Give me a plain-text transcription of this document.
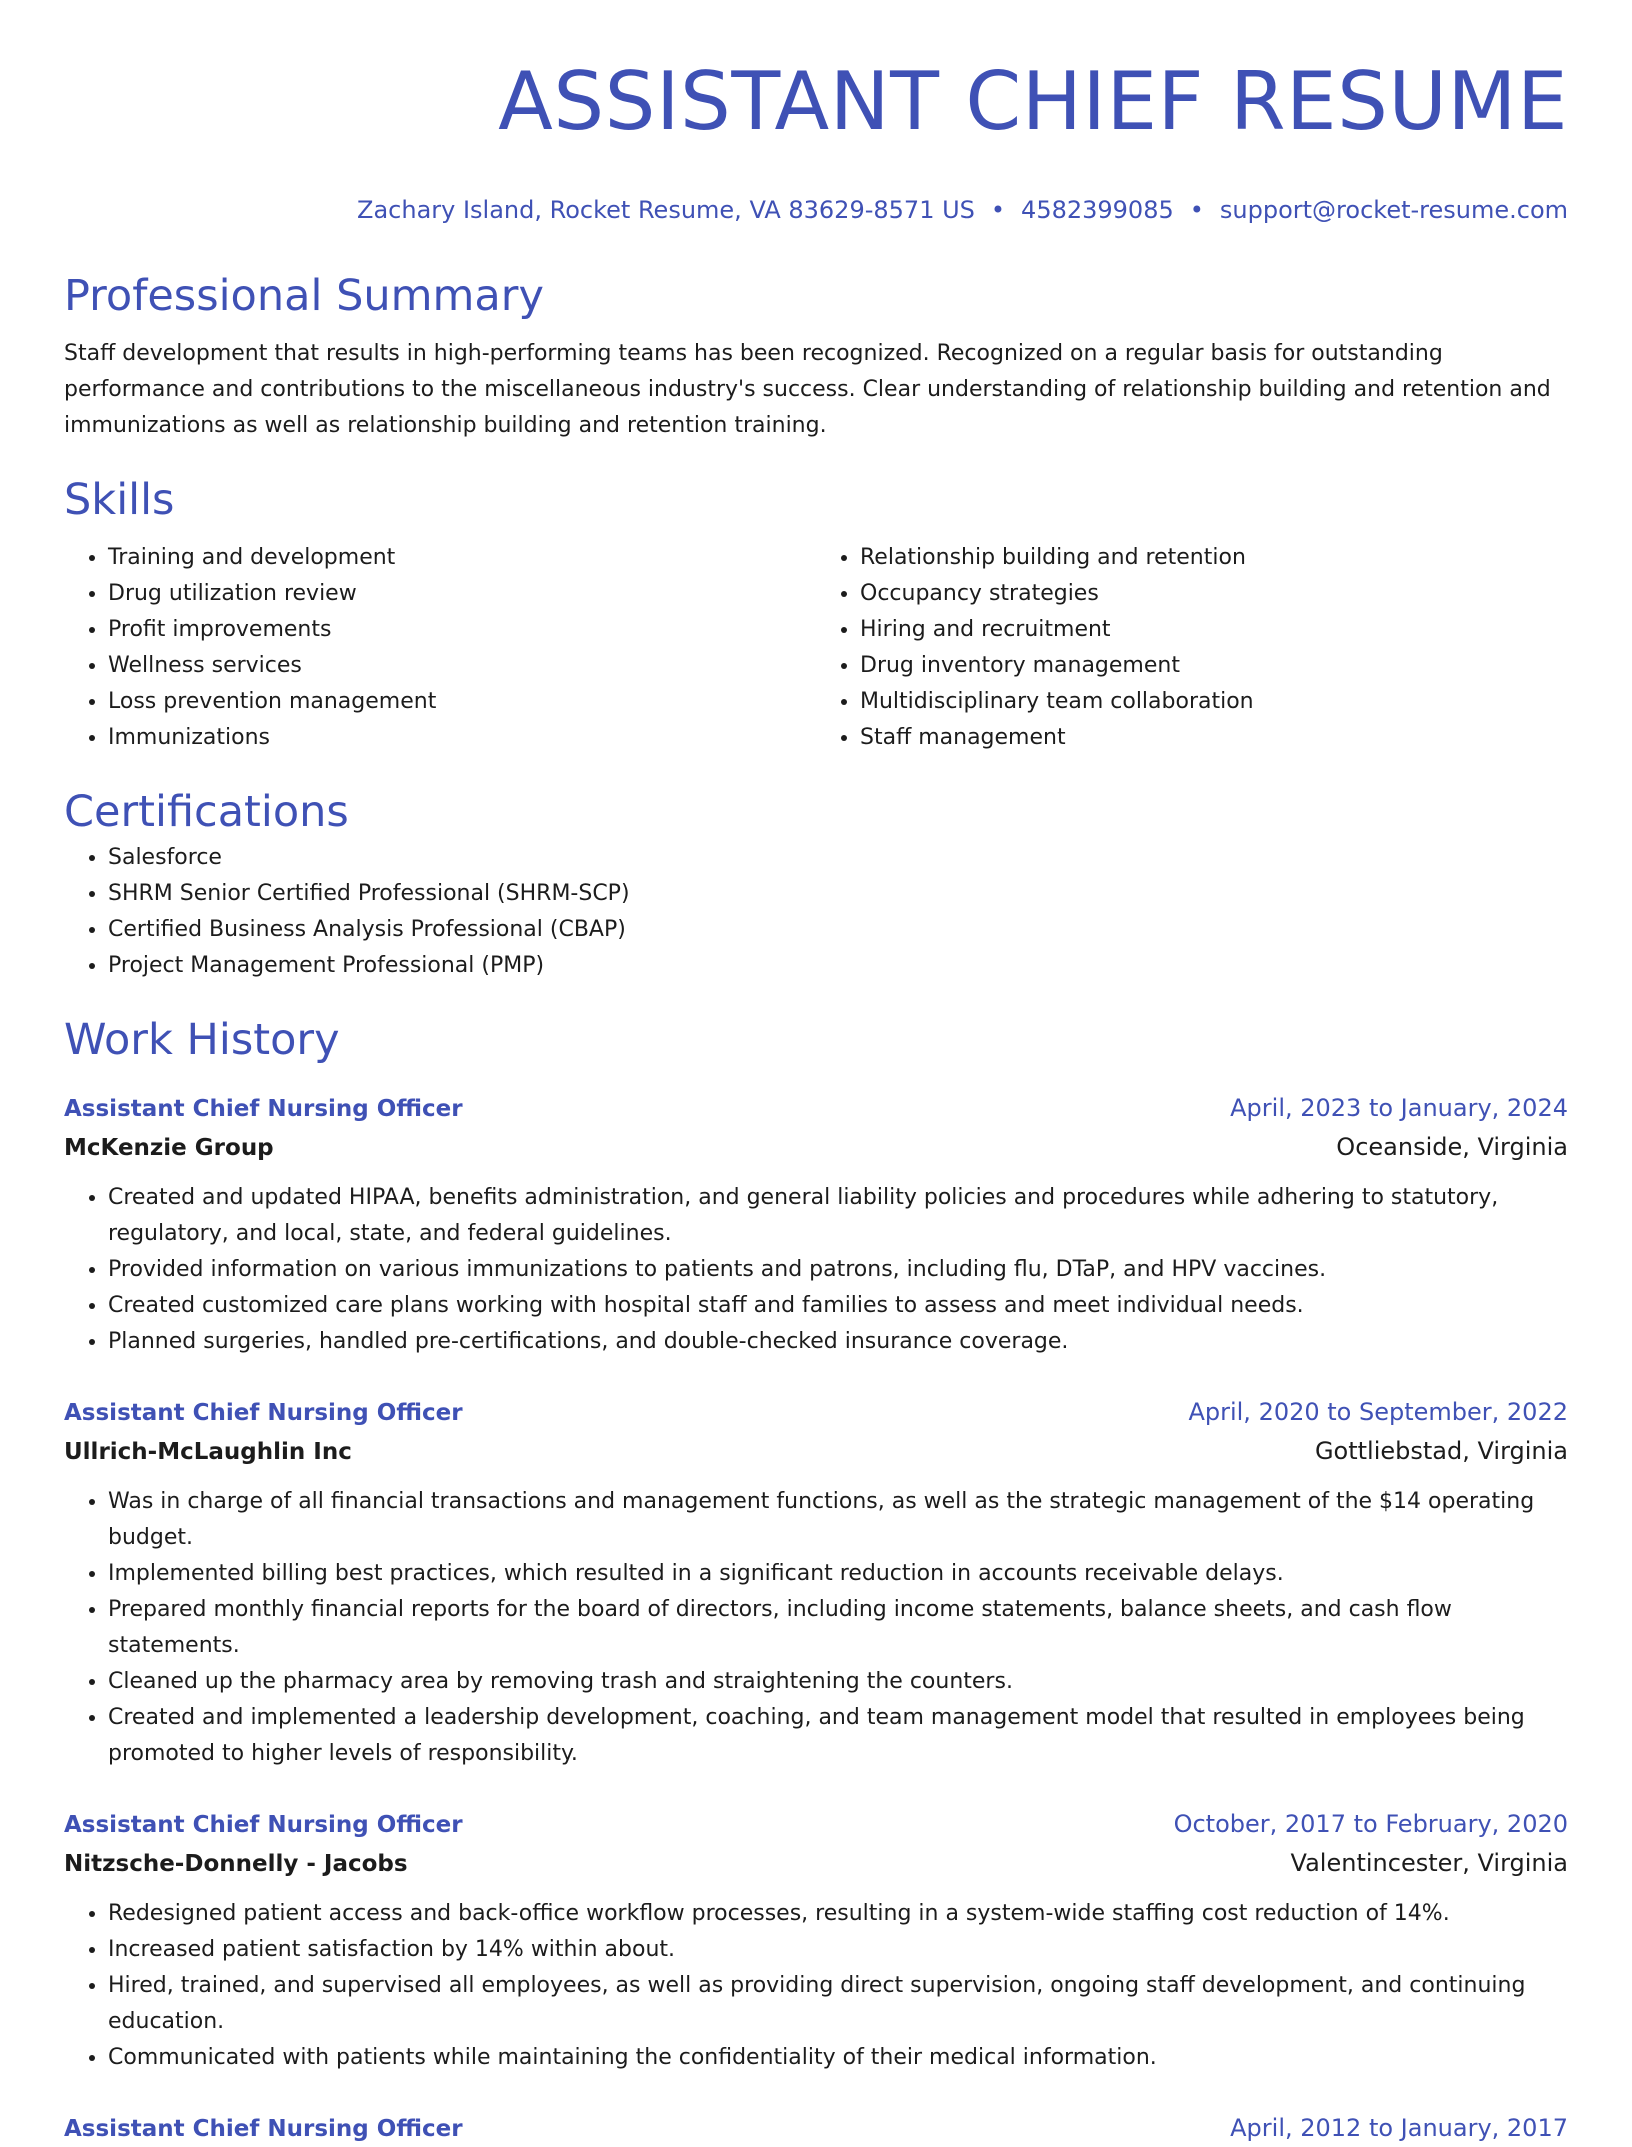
ASSISTANT CHIEF RESUME
Zachary Island, Rocket Resume, VA 83629-8571 US • 4582399085 • support@rocket-resume.com
Professional Summary

Staff development that results in high-performing teams has been recognized. Recognized on a regular basis for outstanding performance and contributions to the miscellaneous industry's success. Clear understanding of relationship building and retention and immunizations as well as relationship building and retention training.

Skills
• Training and development
• Drug utilization review
• Profit improvements
• Wellness services
• Loss prevention management
• Immunizations
• Relationship building and retention
• Occupancy strategies
• Hiring and recruitment
• Drug inventory management
• Multidisciplinary team collaboration
• Staff management
Certifications
• Salesforce
• SHRM Senior Certified Professional (SHRM-SCP)
• Certified Business Analysis Professional (CBAP)
• Project Management Professional (PMP)
Work History
Assistant Chief Nursing Officer	April, 2023 to January, 2024
McKenzie Group	Oceanside, Virginia
• Created and updated HIPAA, benefits administration, and general liability policies and procedures while adhering to statutory, regulatory, and local, state, and federal guidelines.
• Provided information on various immunizations to patients and patrons, including flu, DTaP, and HPV vaccines.
• Created customized care plans working with hospital staff and families to assess and meet individual needs.
• Planned surgeries, handled pre-certifications, and double-checked insurance coverage.
Assistant Chief Nursing Officer	April, 2020 to September, 2022
Ullrich-McLaughlin Inc	Gottliebstad, Virginia
• Was in charge of all financial transactions and management functions, as well as the strategic management of the $14 operating budget.
• Implemented billing best practices, which resulted in a significant reduction in accounts receivable delays.
• Prepared monthly financial reports for the board of directors, including income statements, balance sheets, and cash flow statements.
• Cleaned up the pharmacy area by removing trash and straightening the counters.
• Created and implemented a leadership development, coaching, and team management model that resulted in employees being promoted to higher levels of responsibility.
Assistant Chief Nursing Officer	October, 2017 to February, 2020
Nitzsche-Donnelly - Jacobs	Valentincester, Virginia
• Redesigned patient access and back-office workflow processes, resulting in a system-wide staffing cost reduction of 14%.
• Increased patient satisfaction by 14% within about.
• Hired, trained, and supervised all employees, as well as providing direct supervision, ongoing staff development, and continuing education.
• Communicated with patients while maintaining the confidentiality of their medical information.
Assistant Chief Nursing Officer	April, 2012 to January, 2017
